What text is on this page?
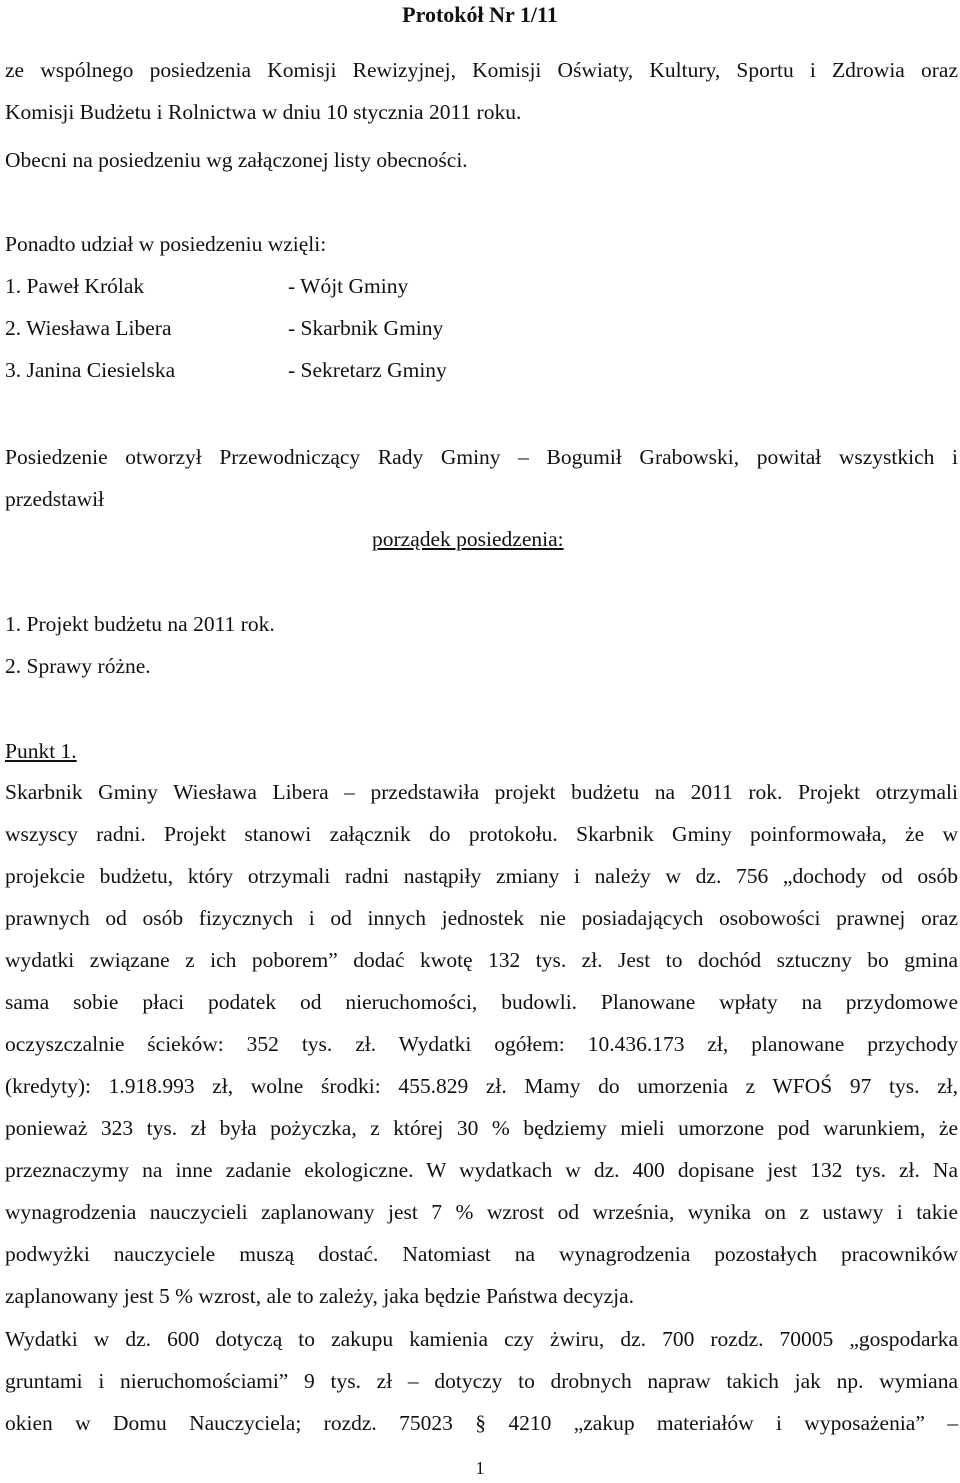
Protokół Nr 1/11
ze wspólnego posiedzenia Komisji Rewizyjnej, Komisji Oświaty, Kultury, Sportu i Zdrowia oraz
Komisji Budżetu i Rolnictwa w dniu 10 stycznia 2011 roku.
Obecni na posiedzeniu wg załączonej listy obecności.
Ponadto udział w posiedzeniu wzięli:
1. Paweł Królak	- Wójt Gminy
2. Wiesława Libera	- Skarbnik Gminy
3. Janina Ciesielska	- Sekretarz Gminy
Posiedzenie otworzył Przewodniczący Rady Gminy – Bogumił Grabowski, powitał wszystkich i
przedstawił
porządek posiedzenia:
1. Projekt budżetu na 2011 rok.
2. Sprawy różne.
Punkt 1.
Skarbnik Gminy Wiesława Libera – przedstawiła projekt budżetu na 2011 rok. Projekt otrzymali
wszyscy radni. Projekt stanowi załącznik do protokołu. Skarbnik Gminy poinformowała, że w
projekcie budżetu, który otrzymali radni nastąpiły zmiany i należy w dz. 756 „dochody od osób
prawnych od osób fizycznych i od innych jednostek nie posiadających osobowości prawnej oraz
wydatki związane z ich poborem” dodać kwotę 132 tys. zł. Jest to dochód sztuczny bo gmina
sama sobie płaci podatek od nieruchomości, budowli. Planowane wpłaty na przydomowe
oczyszczalnie ścieków: 352 tys. zł. Wydatki ogółem: 10.436.173 zł, planowane przychody
(kredyty): 1.918.993 zł, wolne środki: 455.829 zł. Mamy do umorzenia z WFOŚ 97 tys. zł,
ponieważ 323 tys. zł była pożyczka, z której 30 % będziemy mieli umorzone pod warunkiem, że
przeznaczymy na inne zadanie ekologiczne. W wydatkach w dz. 400 dopisane jest 132 tys. zł. Na
wynagrodzenia nauczycieli zaplanowany jest 7 % wzrost od września, wynika on z ustawy i takie
podwyżki nauczyciele muszą dostać. Natomiast na wynagrodzenia pozostałych pracowników
zaplanowany jest 5 % wzrost, ale to zależy, jaka będzie Państwa decyzja.
Wydatki w dz. 600 dotyczą to zakupu kamienia czy żwiru, dz. 700 rozdz. 70005 „gospodarka
gruntami i nieruchomościami” 9 tys. zł – dotyczy to drobnych napraw takich jak np. wymiana
okien w Domu Nauczyciela; rozdz. 75023 § 4210 „zakup materiałów i wyposażenia” –
1
